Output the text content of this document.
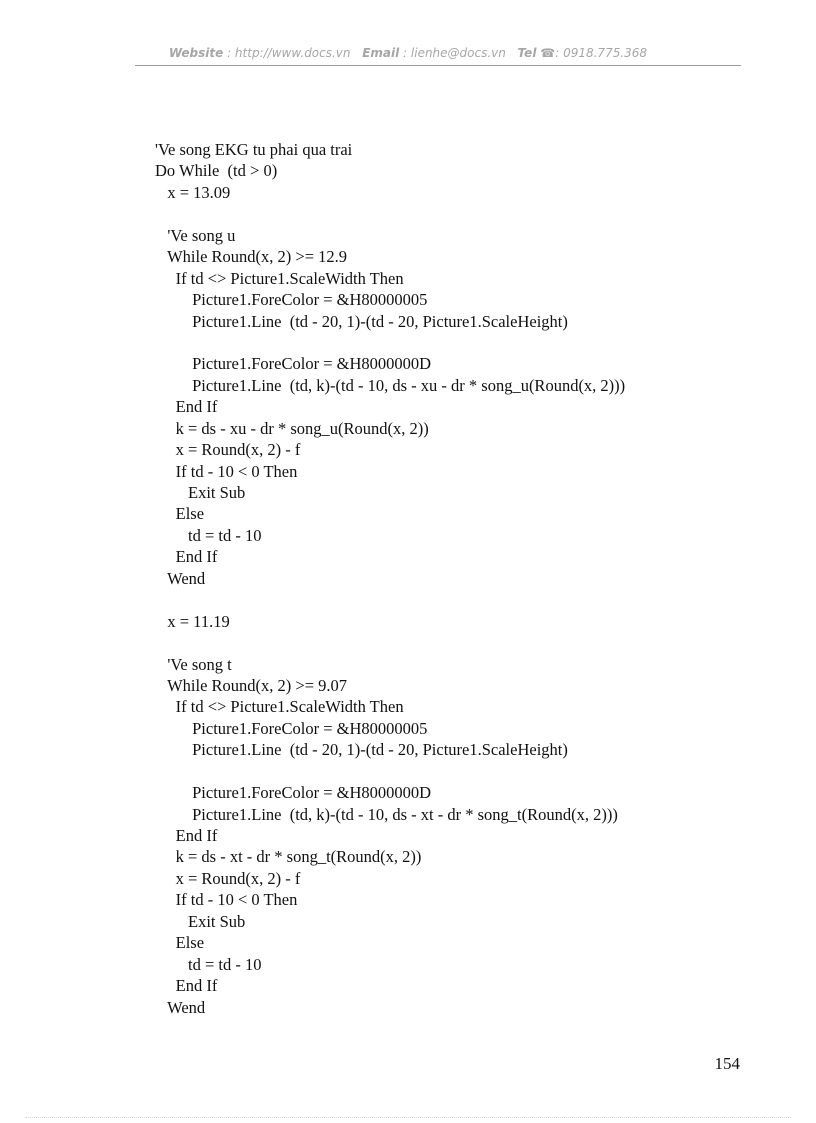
Website : http://www.docs.vn Email : lienhe@docs.vn Tel ☎: 0918.775.368
'Ve song EKG tu phai qua trai
Do While  (td > 0)
x = 13.09
'Ve song u
While Round(x, 2) >= 12.9
If td <> Picture1.ScaleWidth Then
Picture1.ForeColor = &H80000005
Picture1.Line  (td - 20, 1)-(td - 20, Picture1.ScaleHeight)
Picture1.ForeColor = &H8000000D
Picture1.Line  (td, k)-(td - 10, ds - xu - dr * song_u(Round(x, 2)))
End If
k = ds - xu - dr * song_u(Round(x, 2))
x = Round(x, 2) - f
If td - 10 < 0 Then
Exit Sub
Else
td = td - 10
End If
Wend
x = 11.19
'Ve song t
While Round(x, 2) >= 9.07
If td <> Picture1.ScaleWidth Then
Picture1.ForeColor = &H80000005
Picture1.Line  (td - 20, 1)-(td - 20, Picture1.ScaleHeight)
Picture1.ForeColor = &H8000000D
Picture1.Line  (td, k)-(td - 10, ds - xt - dr * song_t(Round(x, 2)))
End If
k = ds - xt - dr * song_t(Round(x, 2))
x = Round(x, 2) - f
If td - 10 < 0 Then
Exit Sub
Else
td = td - 10
End If
Wend
154
